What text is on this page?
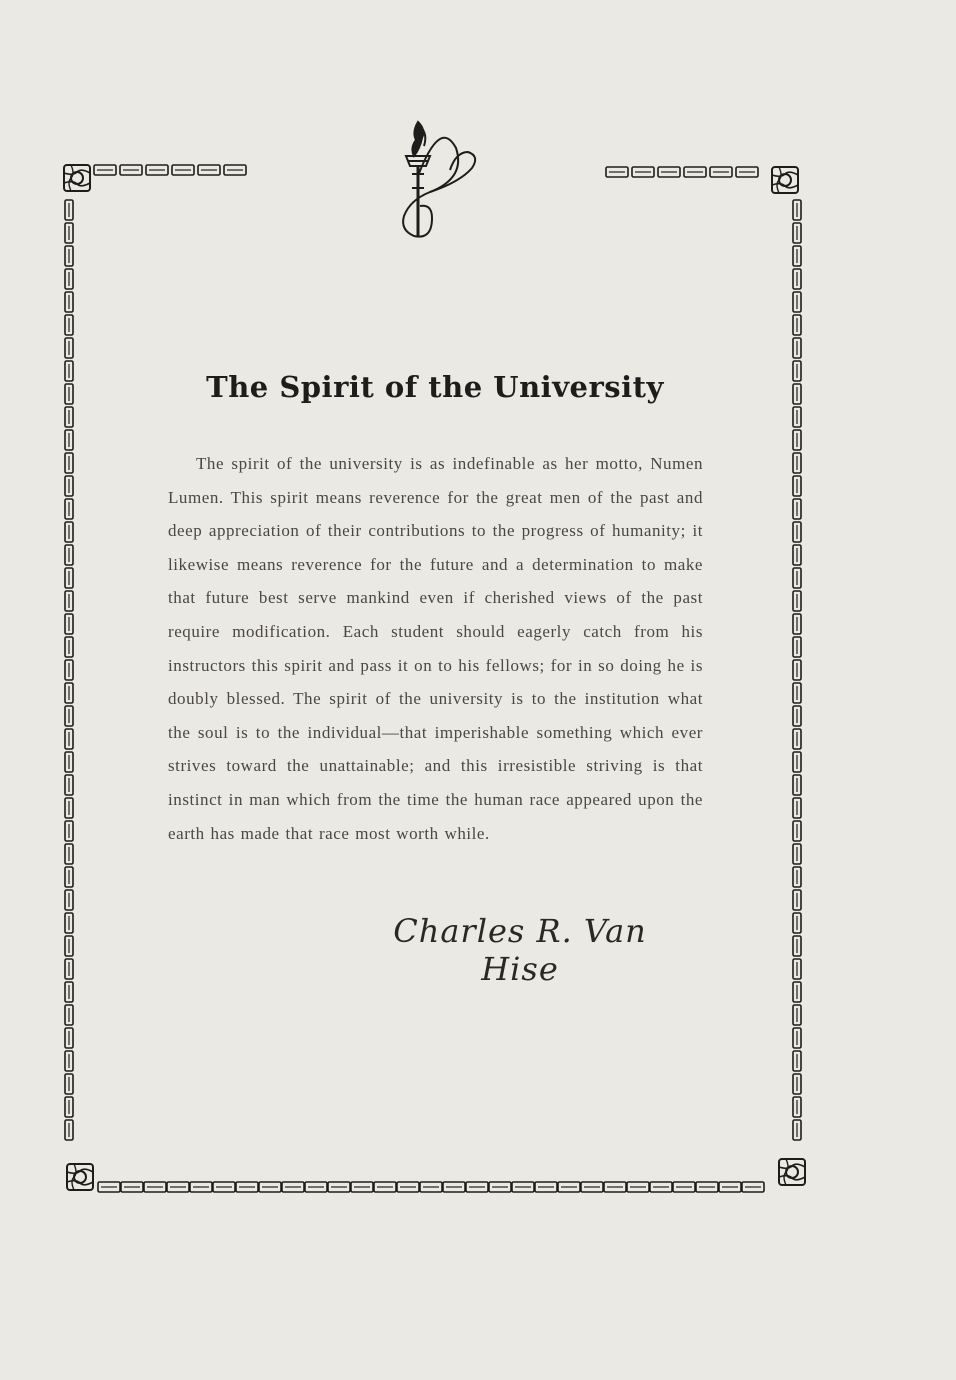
The Spirit of the University

The spirit of the university is as indefinable as her motto, Numen Lumen. This spirit means reverence for the great men of the past and deep appreciation of their contributions to the progress of humanity; it likewise means reverence for the future and a determination to make that future best serve mankind even if cherished views of the past require modification. Each student should eagerly catch from his instructors this spirit and pass it on to his fellows; for in so doing he is doubly blessed. The spirit of the university is to the institution what the soul is to the individual—that imperishable something which ever strives toward the unattainable; and this irresistible striving is that instinct in man which from the time the human race appeared upon the earth has made that race most worth while.

Charles R. Van Hise
